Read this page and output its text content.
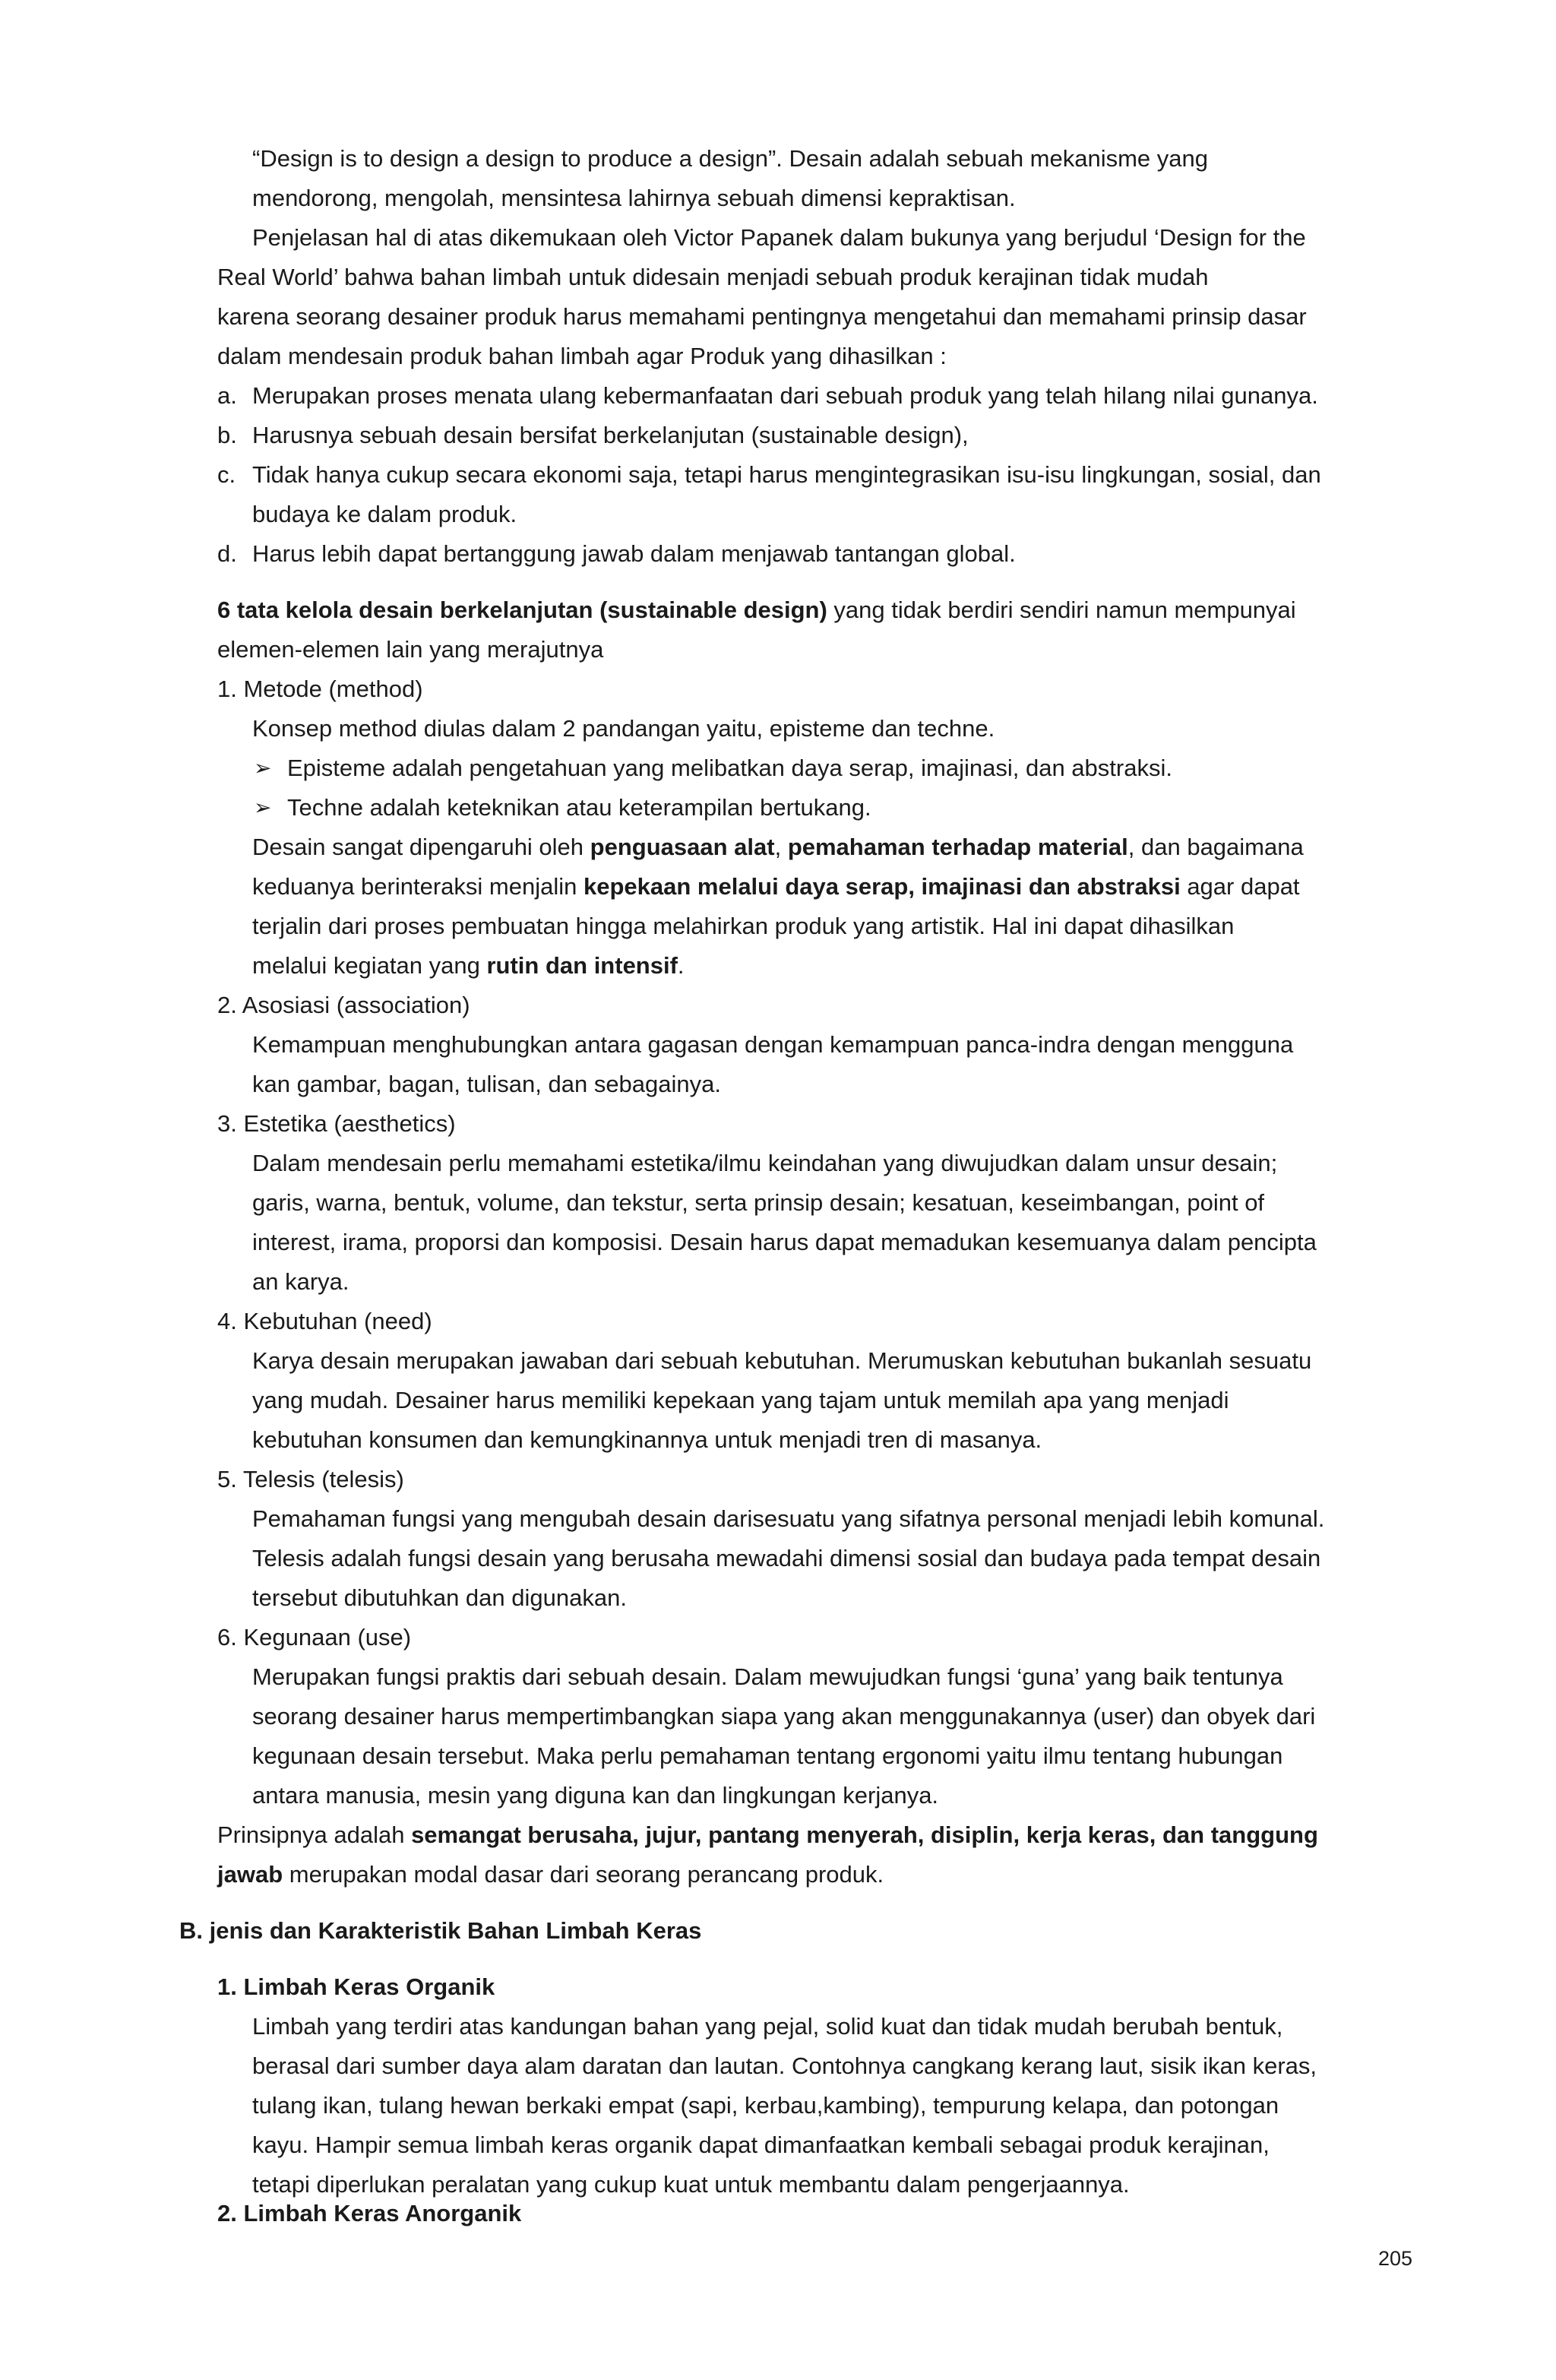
“Design is to design a design to produce a design”. Desain adalah sebuah mekanisme yang
mendorong, mengolah, mensintesa lahirnya sebuah dimensi kepraktisan.
Penjelasan hal di atas dikemukaan oleh Victor Papanek dalam bukunya yang berjudul ‘Design for the
Real World’ bahwa bahan limbah untuk didesain menjadi sebuah produk kerajinan tidak mudah
karena seorang desainer produk harus memahami pentingnya mengetahui dan memahami prinsip dasar
dalam mendesain produk bahan limbah agar Produk yang dihasilkan :
a. Merupakan proses menata ulang kebermanfaatan dari sebuah produk yang telah hilang nilai gunanya.
b. Harusnya sebuah desain bersifat berkelanjutan (sustainable design),
c. Tidak hanya cukup secara ekonomi saja, tetapi harus mengintegrasikan isu-isu lingkungan, sosial, dan
budaya ke dalam produk.
d. Harus lebih dapat bertanggung jawab dalam menjawab tantangan global.
6 tata kelola desain berkelanjutan (sustainable design) yang tidak berdiri sendiri namun mempunyai
elemen-elemen lain yang merajutnya
1. Metode (method)
Konsep method diulas dalam 2 pandangan yaitu, episteme dan techne.
➢ Episteme adalah pengetahuan yang melibatkan daya serap, imajinasi, dan abstraksi.
➢ Techne adalah keteknikan atau keterampilan bertukang.
Desain sangat dipengaruhi oleh penguasaan alat, pemahaman terhadap material, dan bagaimana
keduanya berinteraksi menjalin kepekaan melalui daya serap, imajinasi dan abstraksi agar dapat
terjalin dari proses pembuatan hingga melahirkan produk yang artistik. Hal ini dapat dihasilkan
melalui kegiatan yang rutin dan intensif.
2. Asosiasi (association)
Kemampuan menghubungkan antara gagasan dengan kemampuan panca-indra dengan mengguna
kan gambar, bagan, tulisan, dan sebagainya.
3. Estetika (aesthetics)
Dalam mendesain perlu memahami estetika/ilmu keindahan yang diwujudkan dalam unsur desain;
garis, warna, bentuk, volume, dan tekstur, serta prinsip desain; kesatuan, keseimbangan, point of
interest, irama, proporsi dan komposisi. Desain harus dapat memadukan kesemuanya dalam pencipta
an karya.
4. Kebutuhan (need)
Karya desain merupakan jawaban dari sebuah kebutuhan. Merumuskan kebutuhan bukanlah sesuatu
yang mudah. Desainer harus memiliki kepekaan yang tajam untuk memilah apa yang menjadi
kebutuhan konsumen dan kemungkinannya untuk menjadi tren di masanya.
5. Telesis (telesis)
Pemahaman fungsi yang mengubah desain darisesuatu yang sifatnya personal menjadi lebih komunal.
Telesis adalah fungsi desain yang berusaha mewadahi dimensi sosial dan budaya pada tempat desain
tersebut dibutuhkan dan digunakan.
6. Kegunaan (use)
Merupakan fungsi praktis dari sebuah desain. Dalam mewujudkan fungsi ‘guna’ yang baik tentunya
seorang desainer harus mempertimbangkan siapa yang akan menggunakannya (user) dan obyek dari
kegunaan desain tersebut. Maka perlu pemahaman tentang ergonomi yaitu ilmu tentang hubungan
antara manusia, mesin yang diguna kan dan lingkungan kerjanya.
Prinsipnya adalah semangat berusaha, jujur, pantang menyerah, disiplin, kerja keras, dan tanggung
jawab merupakan modal dasar dari seorang perancang produk.
B. jenis dan Karakteristik Bahan Limbah Keras
1. Limbah Keras Organik
Limbah yang terdiri atas kandungan bahan yang pejal, solid kuat dan tidak mudah berubah bentuk,
berasal dari sumber daya alam daratan dan lautan. Contohnya cangkang kerang laut, sisik ikan keras,
tulang ikan, tulang hewan berkaki empat (sapi, kerbau,kambing), tempurung kelapa, dan potongan
kayu. Hampir semua limbah keras organik dapat dimanfaatkan kembali sebagai produk kerajinan,
tetapi diperlukan peralatan yang cukup kuat untuk membantu dalam pengerjaannya.
2. Limbah Keras Anorganik
205
